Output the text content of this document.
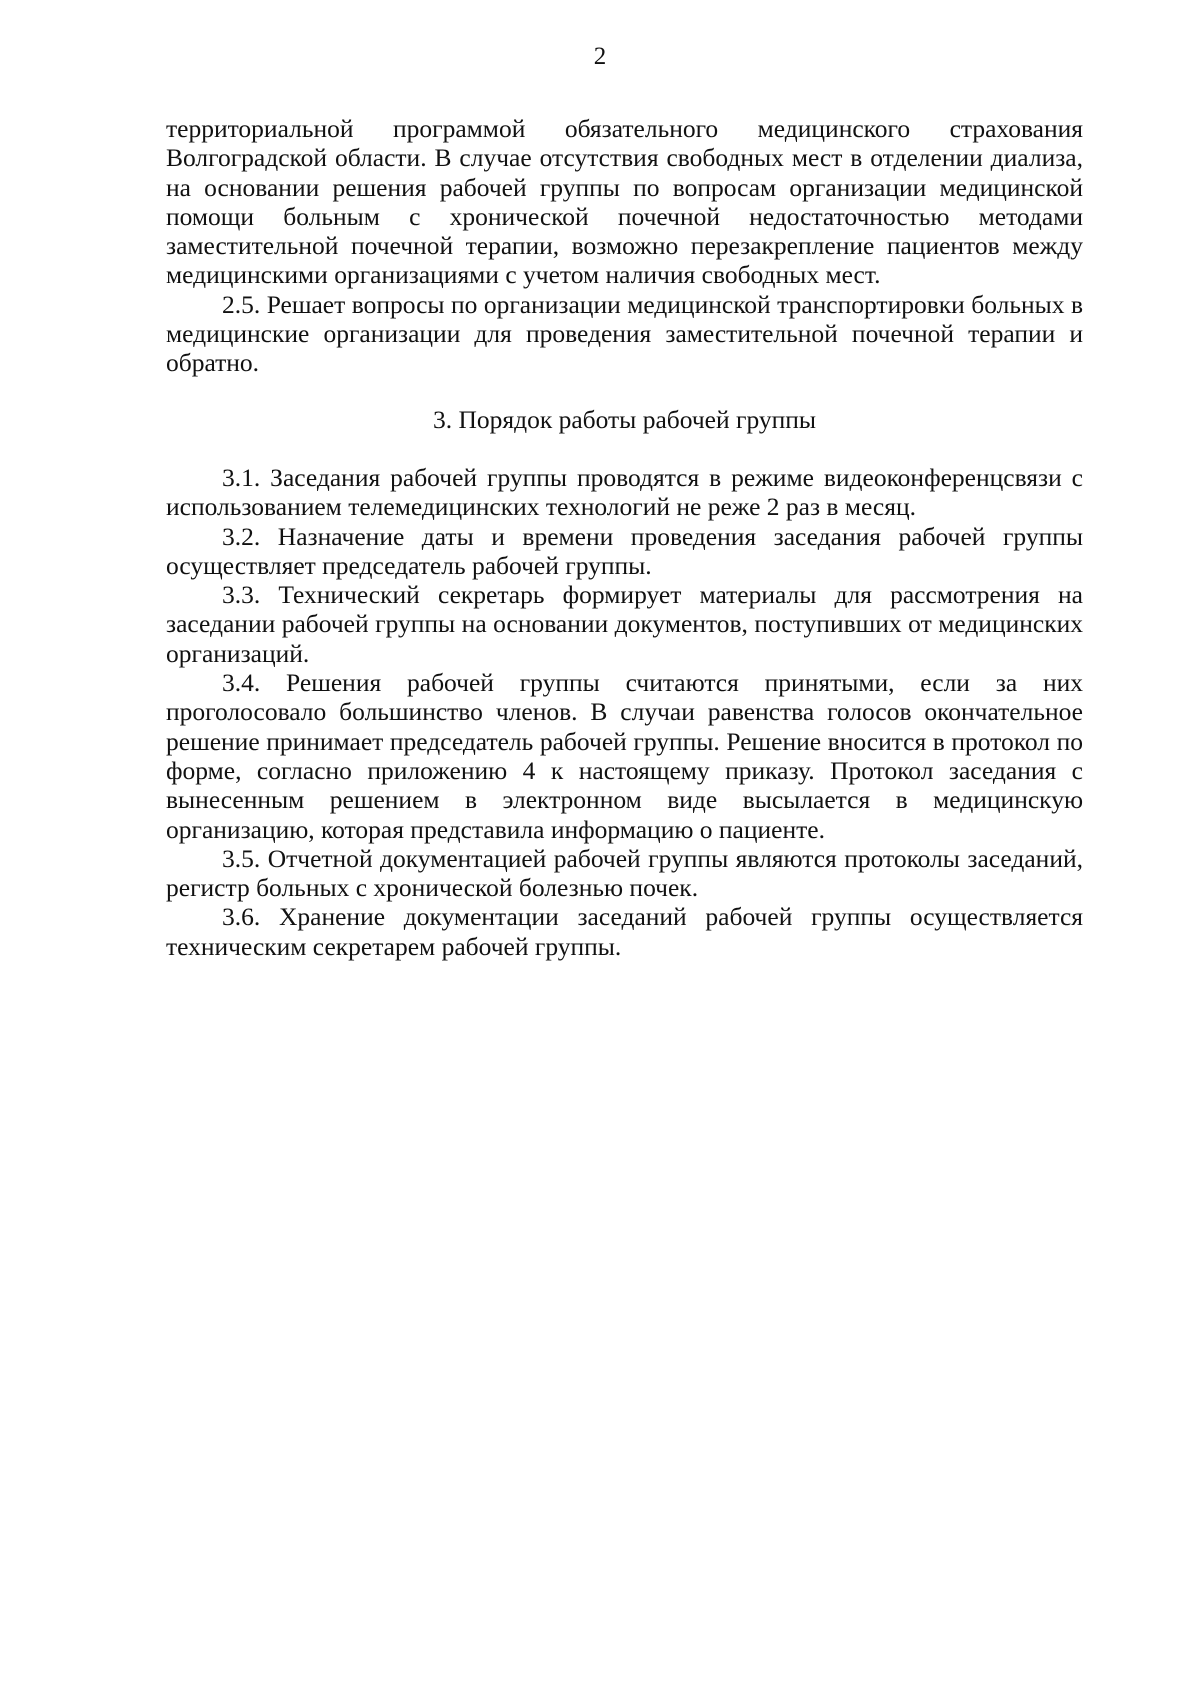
2

территориальной программой обязательного медицинского страхования Волгоградской области. В случае отсутствия свободных мест в отделении диализа, на основании решения рабочей группы по вопросам организации медицинской помощи больным с хронической почечной недостаточностью методами заместительной почечной терапии, возможно перезакрепление пациентов между медицинскими организациями с учетом наличия свободных мест.

2.5. Решает вопросы по организации медицинской транспортировки больных в медицинские организации для проведения заместительной почечной терапии и обратно.

3. Порядок работы рабочей группы

3.1. Заседания рабочей группы проводятся в режиме видеоконференцсвязи с использованием телемедицинских технологий не реже 2 раз в месяц.

3.2. Назначение даты и времени проведения заседания рабочей группы осуществляет председатель рабочей группы.

3.3. Технический секретарь формирует материалы для рассмотрения на заседании рабочей группы на основании документов, поступивших от медицинских организаций.

3.4. Решения рабочей группы считаются принятыми, если за них проголосовало большинство членов. В случаи равенства голосов окончательное решение принимает председатель рабочей группы. Решение вносится в протокол по форме, согласно приложению 4 к настоящему приказу. Протокол заседания с вынесенным решением в электронном виде высылается в медицинскую организацию, которая представила информацию о пациенте.

3.5. Отчетной документацией рабочей группы являются протоколы заседаний, регистр больных с хронической болезнью почек.

3.6. Хранение документации заседаний рабочей группы осуществляется техническим секретарем рабочей группы.
